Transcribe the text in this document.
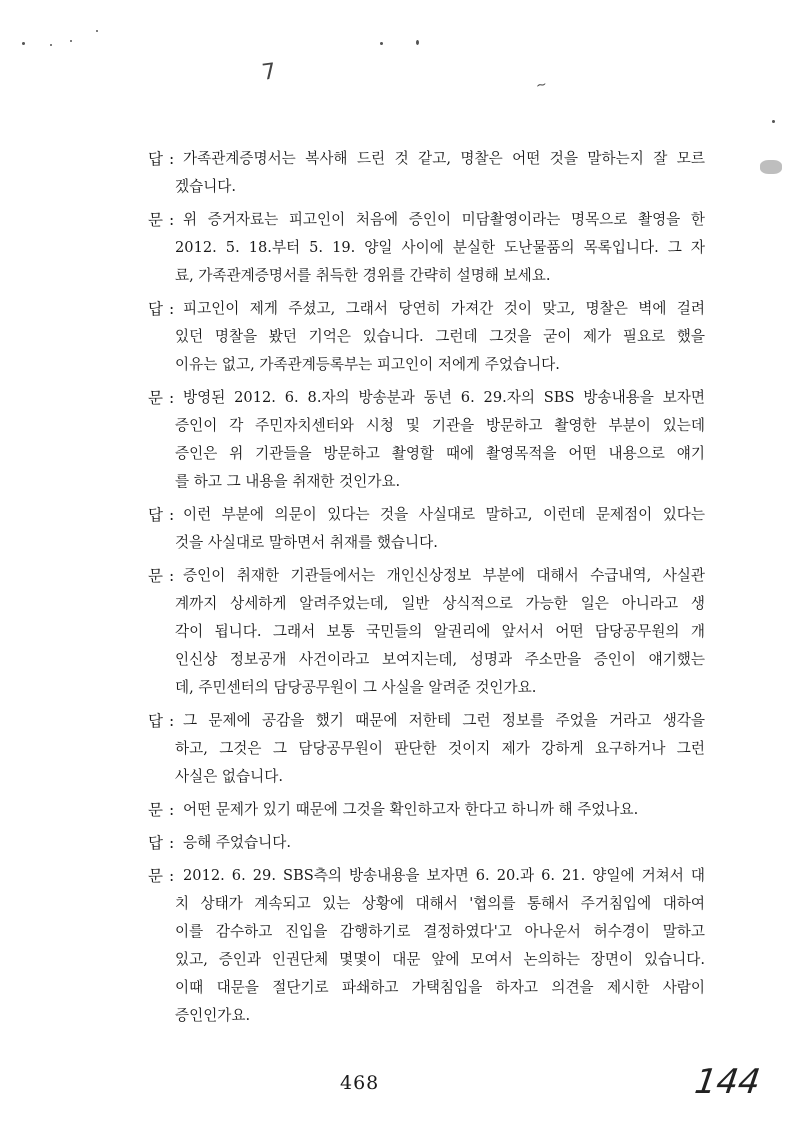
7	~
답 : 가족관계증명서는 복사해 드린 것 같고, 명찰은 어떤 것을 말하는지 잘 모르
겠습니다.
문 : 위 증거자료는 피고인이 처음에 증인이 미담촬영이라는 명목으로 촬영을 한
2012. 5. 18.부터 5. 19. 양일 사이에 분실한 도난물품의 목록입니다. 그 자
료, 가족관계증명서를 취득한 경위를 간략히 설명해 보세요.
답 : 피고인이 제게 주셨고, 그래서 당연히 가져간 것이 맞고, 명찰은 벽에 걸려
있던 명찰을 봤던 기억은 있습니다. 그런데 그것을 굳이 제가 필요로 했을
이유는 없고, 가족관계등록부는 피고인이 저에게 주었습니다.
문 : 방영된 2012. 6. 8.자의 방송분과 동년 6. 29.자의 SBS 방송내용을 보자면
증인이 각 주민자치센터와 시청 및 기관을 방문하고 촬영한 부분이 있는데
증인은 위 기관들을 방문하고 촬영할 때에 촬영목적을 어떤 내용으로 얘기
를 하고 그 내용을 취재한 것인가요.
답 : 이런 부분에 의문이 있다는 것을 사실대로 말하고, 이런데 문제점이 있다는
것을 사실대로 말하면서 취재를 했습니다.
문 : 증인이 취재한 기관들에서는 개인신상정보 부분에 대해서 수급내역, 사실관
계까지 상세하게 알려주었는데, 일반 상식적으로 가능한 일은 아니라고 생
각이 됩니다. 그래서 보통 국민들의 알권리에 앞서서 어떤 담당공무원의 개
인신상 정보공개 사건이라고 보여지는데, 성명과 주소만을 증인이 얘기했는
데, 주민센터의 담당공무원이 그 사실을 알려준 것인가요.
답 : 그 문제에 공감을 했기 때문에 저한테 그런 정보를 주었을 거라고 생각을
하고, 그것은 그 담당공무원이 판단한 것이지 제가 강하게 요구하거나 그런
사실은 없습니다.
문 : 어떤 문제가 있기 때문에 그것을 확인하고자 한다고 하니까 해 주었나요.
답 : 응해 주었습니다.
문 : 2012. 6. 29. SBS측의 방송내용을 보자면 6. 20.과 6. 21. 양일에 거쳐서 대
치 상태가 계속되고 있는 상황에 대해서 '협의를 통해서 주거침입에 대하여
이를 감수하고 진입을 감행하기로 결정하였다'고 아나운서 허수경이 말하고
있고, 증인과 인권단체 몇몇이 대문 앞에 모여서 논의하는 장면이 있습니다.
이때 대문을 절단기로 파쇄하고 가택침입을 하자고 의견을 제시한 사람이
증인인가요.
468	144
